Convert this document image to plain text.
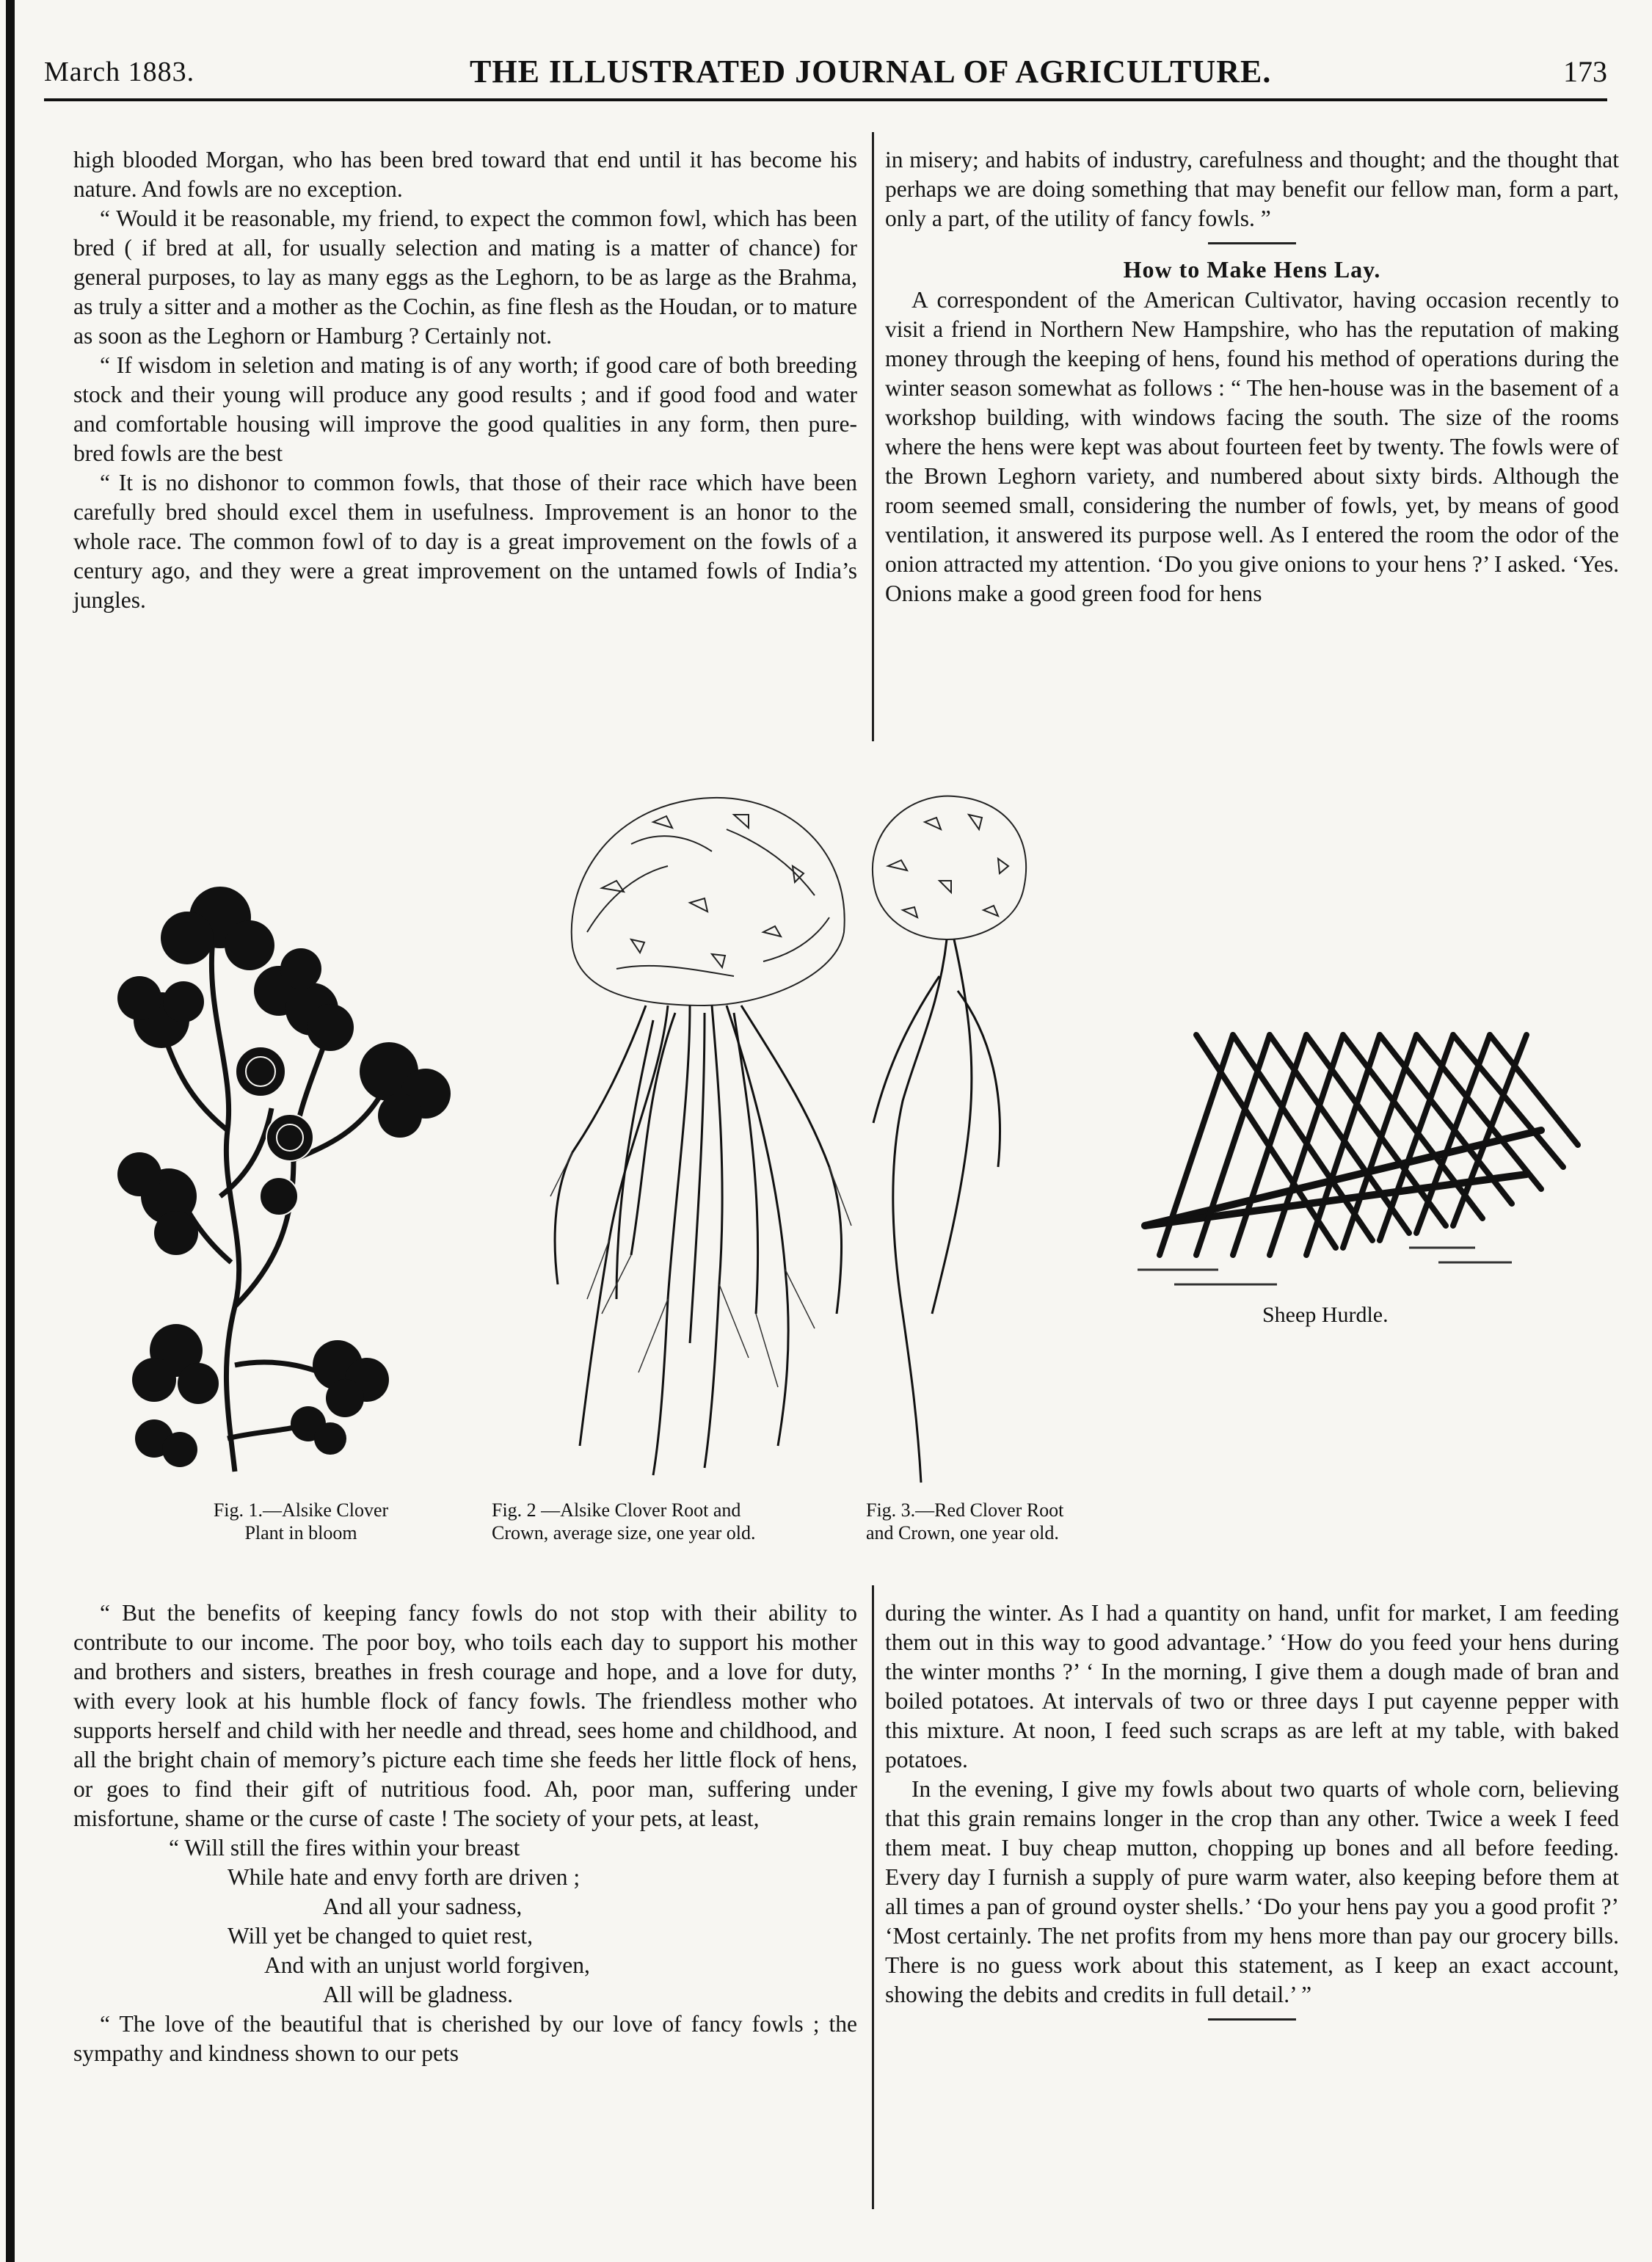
March 1883.	THE ILLUSTRATED JOURNAL OF AGRICULTURE.	173

high blooded Morgan, who has been bred toward that end until it has become his nature. And fowls are no exception.

“ Would it be reasonable, my friend, to expect the common fowl, which has been bred ( if bred at all, for usually selection and mating is a matter of chance) for general purposes, to lay as many eggs as the Leghorn, to be as large as the Brahma, as truly a sitter and a mother as the Cochin, as fine flesh as the Houdan, or to mature as soon as the Leghorn or Hamburg ? Certainly not.

“ If wisdom in seletion and mating is of any worth; if good care of both breeding stock and their young will produce any good results ; and if good food and water and comfortable housing will improve the good qualities in any form, then pure-bred fowls are the best

“ It is no dishonor to common fowls, that those of their race which have been carefully bred should excel them in usefulness. Improvement is an honor to the whole race. The common fowl of to day is a great improvement on the fowls of a century ago, and they were a great improvement on the untamed fowls of India’s jungles.

in misery; and habits of industry, carefulness and thought; and the thought that perhaps we are doing something that may benefit our fellow man, form a part, only a part, of the utility of fancy fowls. ”

How to Make Hens Lay.

A correspondent of the American Cultivator, having occasion recently to visit a friend in Northern New Hampshire, who has the reputation of making money through the keeping of hens, found his method of operations during the winter season somewhat as follows : “ The hen-house was in the basement of a workshop building, with windows facing the south. The size of the rooms where the hens were kept was about fourteen feet by twenty. The fowls were of the Brown Leghorn variety, and numbered about sixty birds. Although the room seemed small, considering the number of fowls, yet, by means of good ventilation, it answered its purpose well. As I entered the room the odor of the onion attracted my attention. ‘Do you give onions to your hens ?’ I asked. ‘Yes. Onions make a good green food for hens

Fig. 1.—Alsike Clover
Plant in bloom
Fig. 2 —Alsike Clover Root and
Crown, average size, one year old.
Fig. 3.—Red Clover Root
and Crown, one year old.
Sheep Hurdle.

“ But the benefits of keeping fancy fowls do not stop with their ability to contribute to our income. The poor boy, who toils each day to support his mother and brothers and sisters, breathes in fresh courage and hope, and a love for duty, with every look at his humble flock of fancy fowls. The friendless mother who supports herself and child with her needle and thread, sees home and childhood, and all the bright chain of memory’s picture each time she feeds her little flock of hens, or goes to find their gift of nutritious food. Ah, poor man, suffering under misfortune, shame or the curse of caste ! The society of your pets, at least,

“ Will still the fires within your breast

While hate and envy forth are driven ;

And all your sadness,

Will yet be changed to quiet rest,

And with an unjust world forgiven,

All will be gladness.

“ The love of the beautiful that is cherished by our love of fancy fowls ; the sympathy and kindness shown to our pets

during the winter. As I had a quantity on hand, unfit for market, I am feeding them out in this way to good advantage.’ ‘How do you feed your hens during the winter months ?’ ‘ In the morning, I give them a dough made of bran and boiled potatoes. At intervals of two or three days I put cayenne pepper with this mixture. At noon, I feed such scraps as are left at my table, with baked potatoes.

In the evening, I give my fowls about two quarts of whole corn, believing that this grain remains longer in the crop than any other. Twice a week I feed them meat. I buy cheap mutton, chopping up bones and all before feeding. Every day I furnish a supply of pure warm water, also keeping before them at all times a pan of ground oyster shells.’ ‘Do your hens pay you a good profit ?’ ‘Most certainly. The net profits from my hens more than pay our grocery bills. There is no guess work about this statement, as I keep an exact account, showing the debits and credits in full detail.’ ”
